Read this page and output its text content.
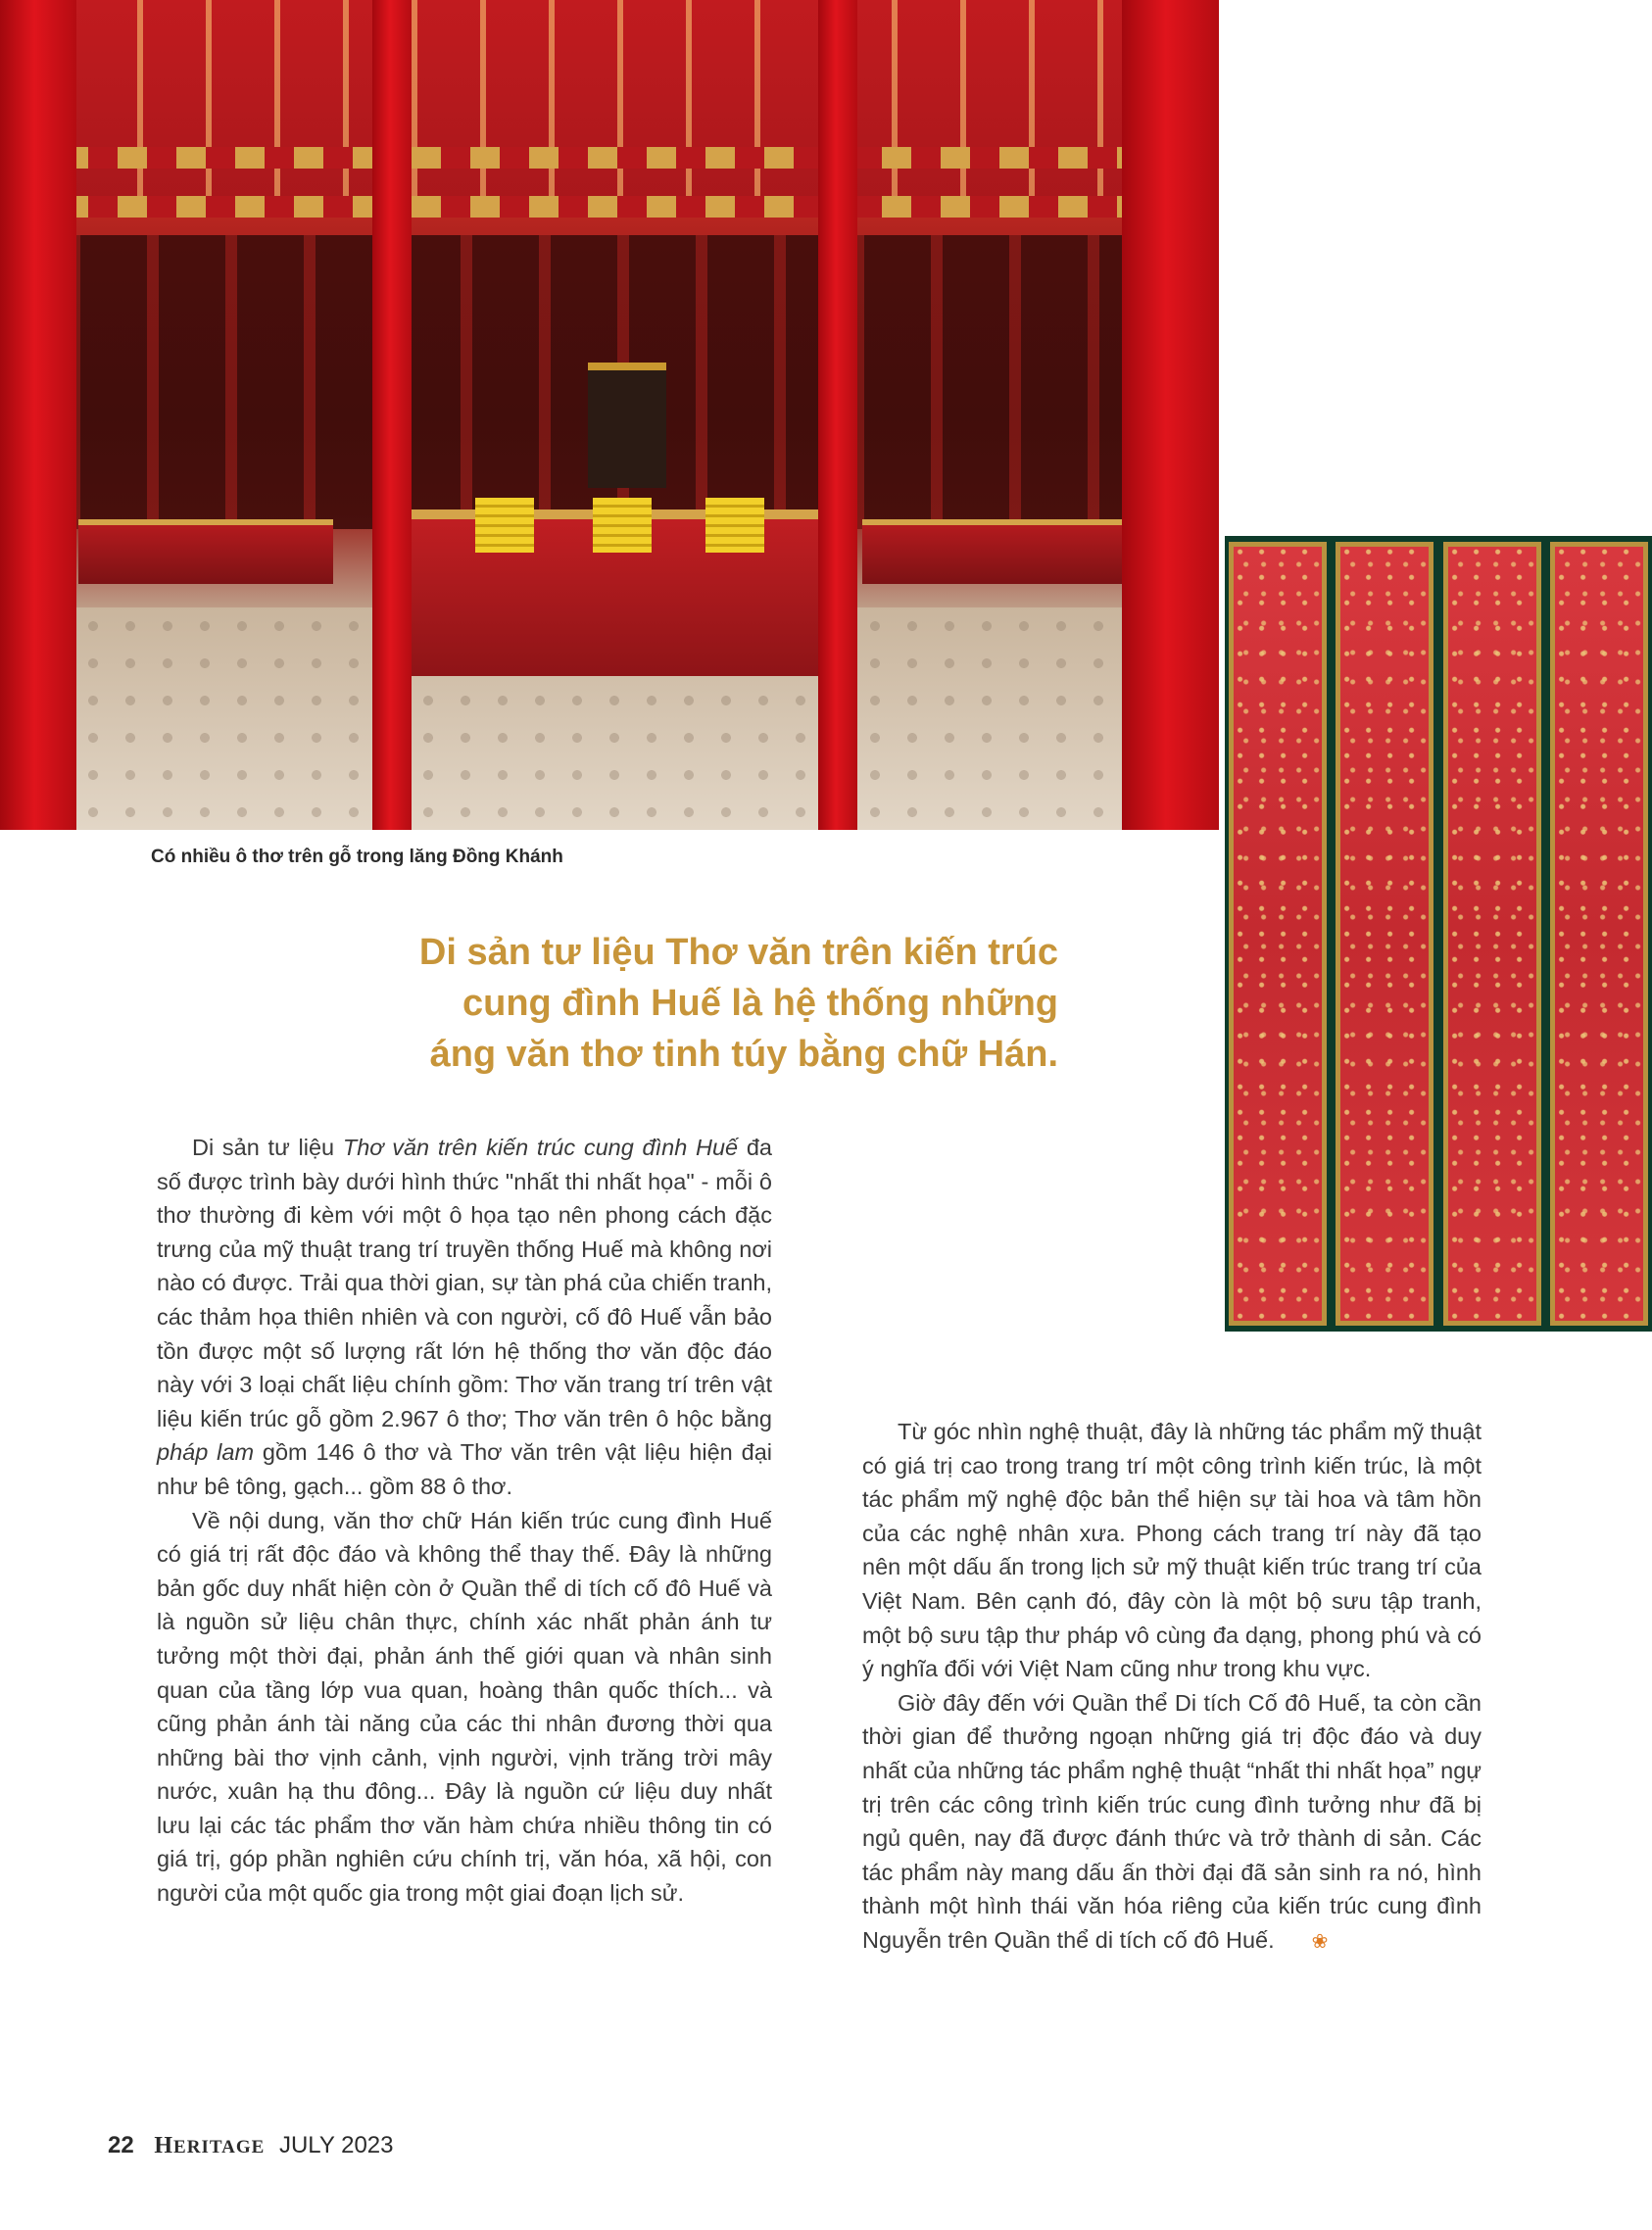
Có nhiều ô thơ trên gỗ trong lăng Đồng Khánh
Di sản tư liệu Thơ văn trên kiến trúc
cung đình Huế là hệ thống những
áng văn thơ tinh túy bằng chữ Hán.

Di sản tư liệu Thơ văn trên kiến trúc cung đình Huế đa số được trình bày dưới hình thức "nhất thi nhất họa" - mỗi ô thơ thường đi kèm với một ô họa tạo nên phong cách đặc trưng của mỹ thuật trang trí truyền thống Huế mà không nơi nào có được. Trải qua thời gian, sự tàn phá của chiến tranh, các thảm họa thiên nhiên và con người, cố đô Huế vẫn bảo tồn được một số lượng rất lớn hệ thống thơ văn độc đáo này với 3 loại chất liệu chính gồm: Thơ văn trang trí trên vật liệu kiến trúc gỗ gồm 2.967 ô thơ; Thơ văn trên ô hộc bằng pháp lam gồm 146 ô thơ và Thơ văn trên vật liệu hiện đại như bê tông, gạch... gồm 88 ô thơ.

Về nội dung, văn thơ chữ Hán kiến trúc cung đình Huế có giá trị rất độc đáo và không thể thay thế. Đây là những bản gốc duy nhất hiện còn ở Quần thể di tích cố đô Huế và là nguồn sử liệu chân thực, chính xác nhất phản ánh tư tưởng một thời đại, phản ánh thế giới quan và nhân sinh quan của tầng lớp vua quan, hoàng thân quốc thích... và cũng phản ánh tài năng của các thi nhân đương thời qua những bài thơ vịnh cảnh, vịnh người, vịnh trăng trời mây nước, xuân hạ thu đông... Đây là nguồn cứ liệu duy nhất lưu lại các tác phẩm thơ văn hàm chứa nhiều thông tin có giá trị, góp phần nghiên cứu chính trị, văn hóa, xã hội, con người của một quốc gia trong một giai đoạn lịch sử.

Từ góc nhìn nghệ thuật, đây là những tác phẩm mỹ thuật có giá trị cao trong trang trí một công trình kiến trúc, là một tác phẩm mỹ nghệ độc bản thể hiện sự tài hoa và tâm hồn của các nghệ nhân xưa. Phong cách trang trí này đã tạo nên một dấu ấn trong lịch sử mỹ thuật kiến trúc trang trí của Việt Nam. Bên cạnh đó, đây còn là một bộ sưu tập tranh, một bộ sưu tập thư pháp vô cùng đa dạng, phong phú và có ý nghĩa đối với Việt Nam cũng như trong khu vực.

Giờ đây đến với Quần thể Di tích Cố đô Huế, ta còn cần thời gian để thưởng ngoạn những giá trị độc đáo và duy nhất của những tác phẩm nghệ thuật “nhất thi nhất họa” ngự trị trên các công trình kiến trúc cung đình tưởng như đã bị ngủ quên, nay đã được đánh thức và trở thành di sản. Các tác phẩm này mang dấu ấn thời đại đã sản sinh ra nó, hình thành một hình thái văn hóa riêng của kiến trúc cung đình Nguyễn trên Quần thể di tích cố đô Huế. ❀

22 HERITAGE JULY 2023
